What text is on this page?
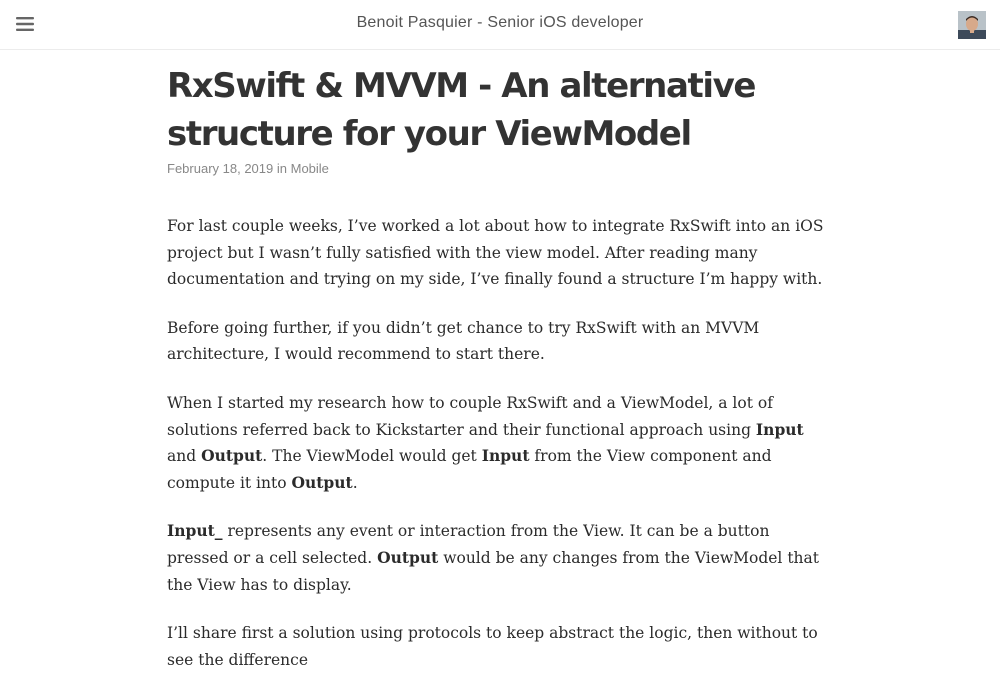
Benoit Pasquier - Senior iOS developer
RxSwift & MVVM - An alternative structure for your ViewModel
February 18, 2019 in Mobile

For last couple weeks, I’ve worked a lot about how to integrate RxSwift into an iOS project but I wasn’t fully satisfied with the view model. After reading many documentation and trying on my side, I’ve finally found a structure I’m happy with.

Before going further, if you didn’t get chance to try RxSwift with an MVVM architecture, I would recommend to start there.

When I started my research how to couple RxSwift and a ViewModel, a lot of solutions referred back to Kickstarter and their functional approach using Input and Output. The ViewModel would get Input from the View component and compute it into Output.

Input_ represents any event or interaction from the View. It can be a button pressed or a cell selected. Output would be any changes from the ViewModel that the View has to display.

I’ll share first a solution using protocols to keep abstract the logic, then without to see the difference
